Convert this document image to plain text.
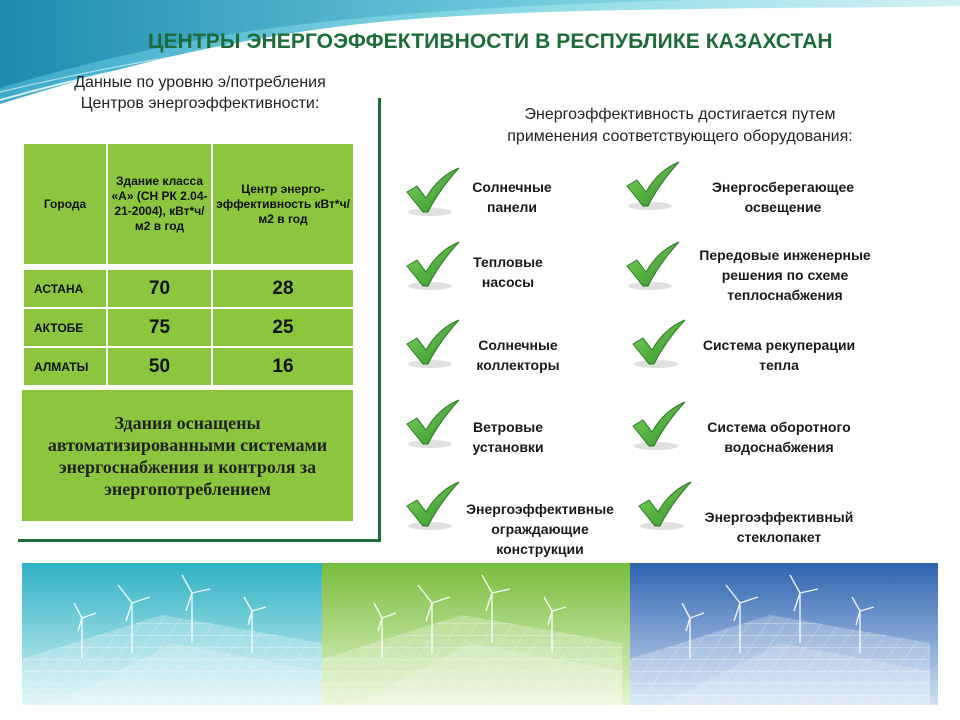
ЦЕНТРЫ ЭНЕРГОЭФФЕКТИВНОСТИ В РЕСПУБЛИКЕ КАЗАХСТАН
Данные по уровню э/потребления
Центров энергоэффективности:
Города	Здание класса «А» (СН РК 2.04-21-2004), кВт*ч/м2 в год	Центр энерго-эффективность кВт*ч/м2 в год

АСТАНА	70	28
АКТОБЕ	75	25
АЛМАТЫ	50	16
Здания оснащены автоматизированными системами энергоснабжения и контроля за энергопотреблением
Энергоэффективность достигается путем
применения соответствующего оборудования:
Солнечные
панели
Тепловые
насосы
Солнечные
коллекторы
Ветровые
установки
Энергоэффективные
ограждающие
конструкции
Энергосберегающее
освещение
Передовые инженерные
решения по схеме
теплоснабжения
Система рекуперации
тепла
Система оборотного
водоснабжения
Энергоэффективный
стеклопакет
